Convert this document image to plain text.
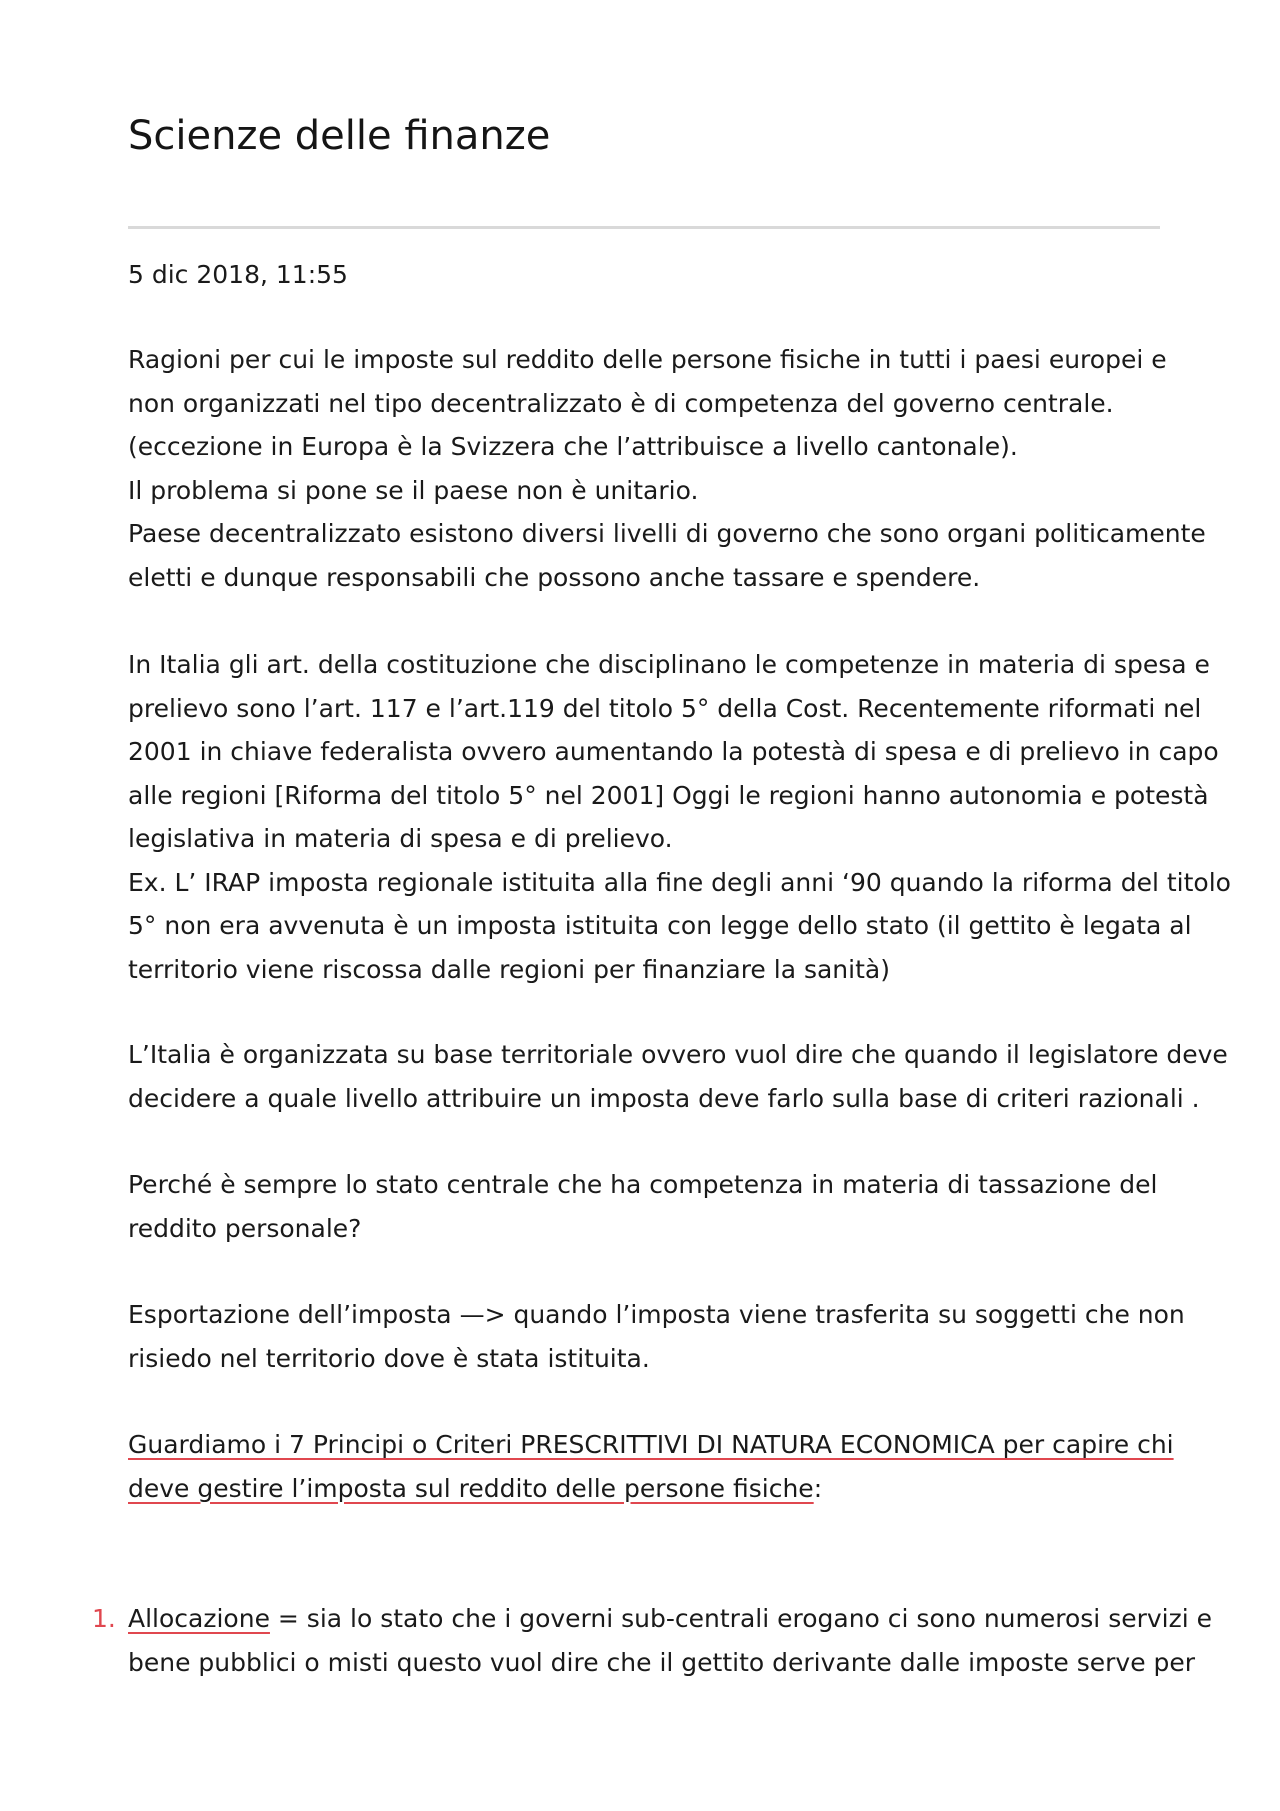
Scienze delle finanze
5 dic 2018, 11:55

Ragioni per cui le imposte sul reddito delle persone fisiche in tutti i paesi europei e

non organizzati nel tipo decentralizzato è di competenza del governo centrale.

(eccezione in Europa è la Svizzera che l’attribuisce a livello cantonale).

Il problema si pone se il paese non è unitario.

Paese decentralizzato esistono diversi livelli di governo che sono organi politicamente

eletti e dunque responsabili che possono anche tassare e spendere.

In Italia gli art. della costituzione che disciplinano le competenze in materia di spesa e

prelievo sono l’art. 117 e l’art.119 del titolo 5° della Cost. Recentemente riformati nel

2001 in chiave federalista ovvero aumentando la potestà di spesa e di prelievo in capo

alle regioni [Riforma del titolo 5° nel 2001] Oggi le regioni hanno autonomia e potestà

legislativa in materia di spesa e di prelievo.

Ex. L’ IRAP imposta regionale istituita alla fine degli anni ‘90 quando la riforma del titolo

5° non era avvenuta è un imposta istituita con legge dello stato (il gettito è legata al

territorio viene riscossa dalle regioni per finanziare la sanità)

L’Italia è organizzata su base territoriale ovvero vuol dire che quando il legislatore deve

decidere a quale livello attribuire un imposta deve farlo sulla base di criteri razionali .

Perché è sempre lo stato centrale che ha competenza in materia di tassazione del

reddito personale?

Esportazione dell’imposta —> quando l’imposta viene trasferita su soggetti che non

risiedo nel territorio dove è stata istituita.

Guardiamo i 7 Principi o Criteri PRESCRITTIVI DI NATURA ECONOMICA per capire chi

deve gestire l’imposta sul reddito delle persone fisiche:

1. Allocazione = sia lo stato che i governi sub-centrali erogano ci sono numerosi servizi e

bene pubblici o misti questo vuol dire che il gettito derivante dalle imposte serve per
